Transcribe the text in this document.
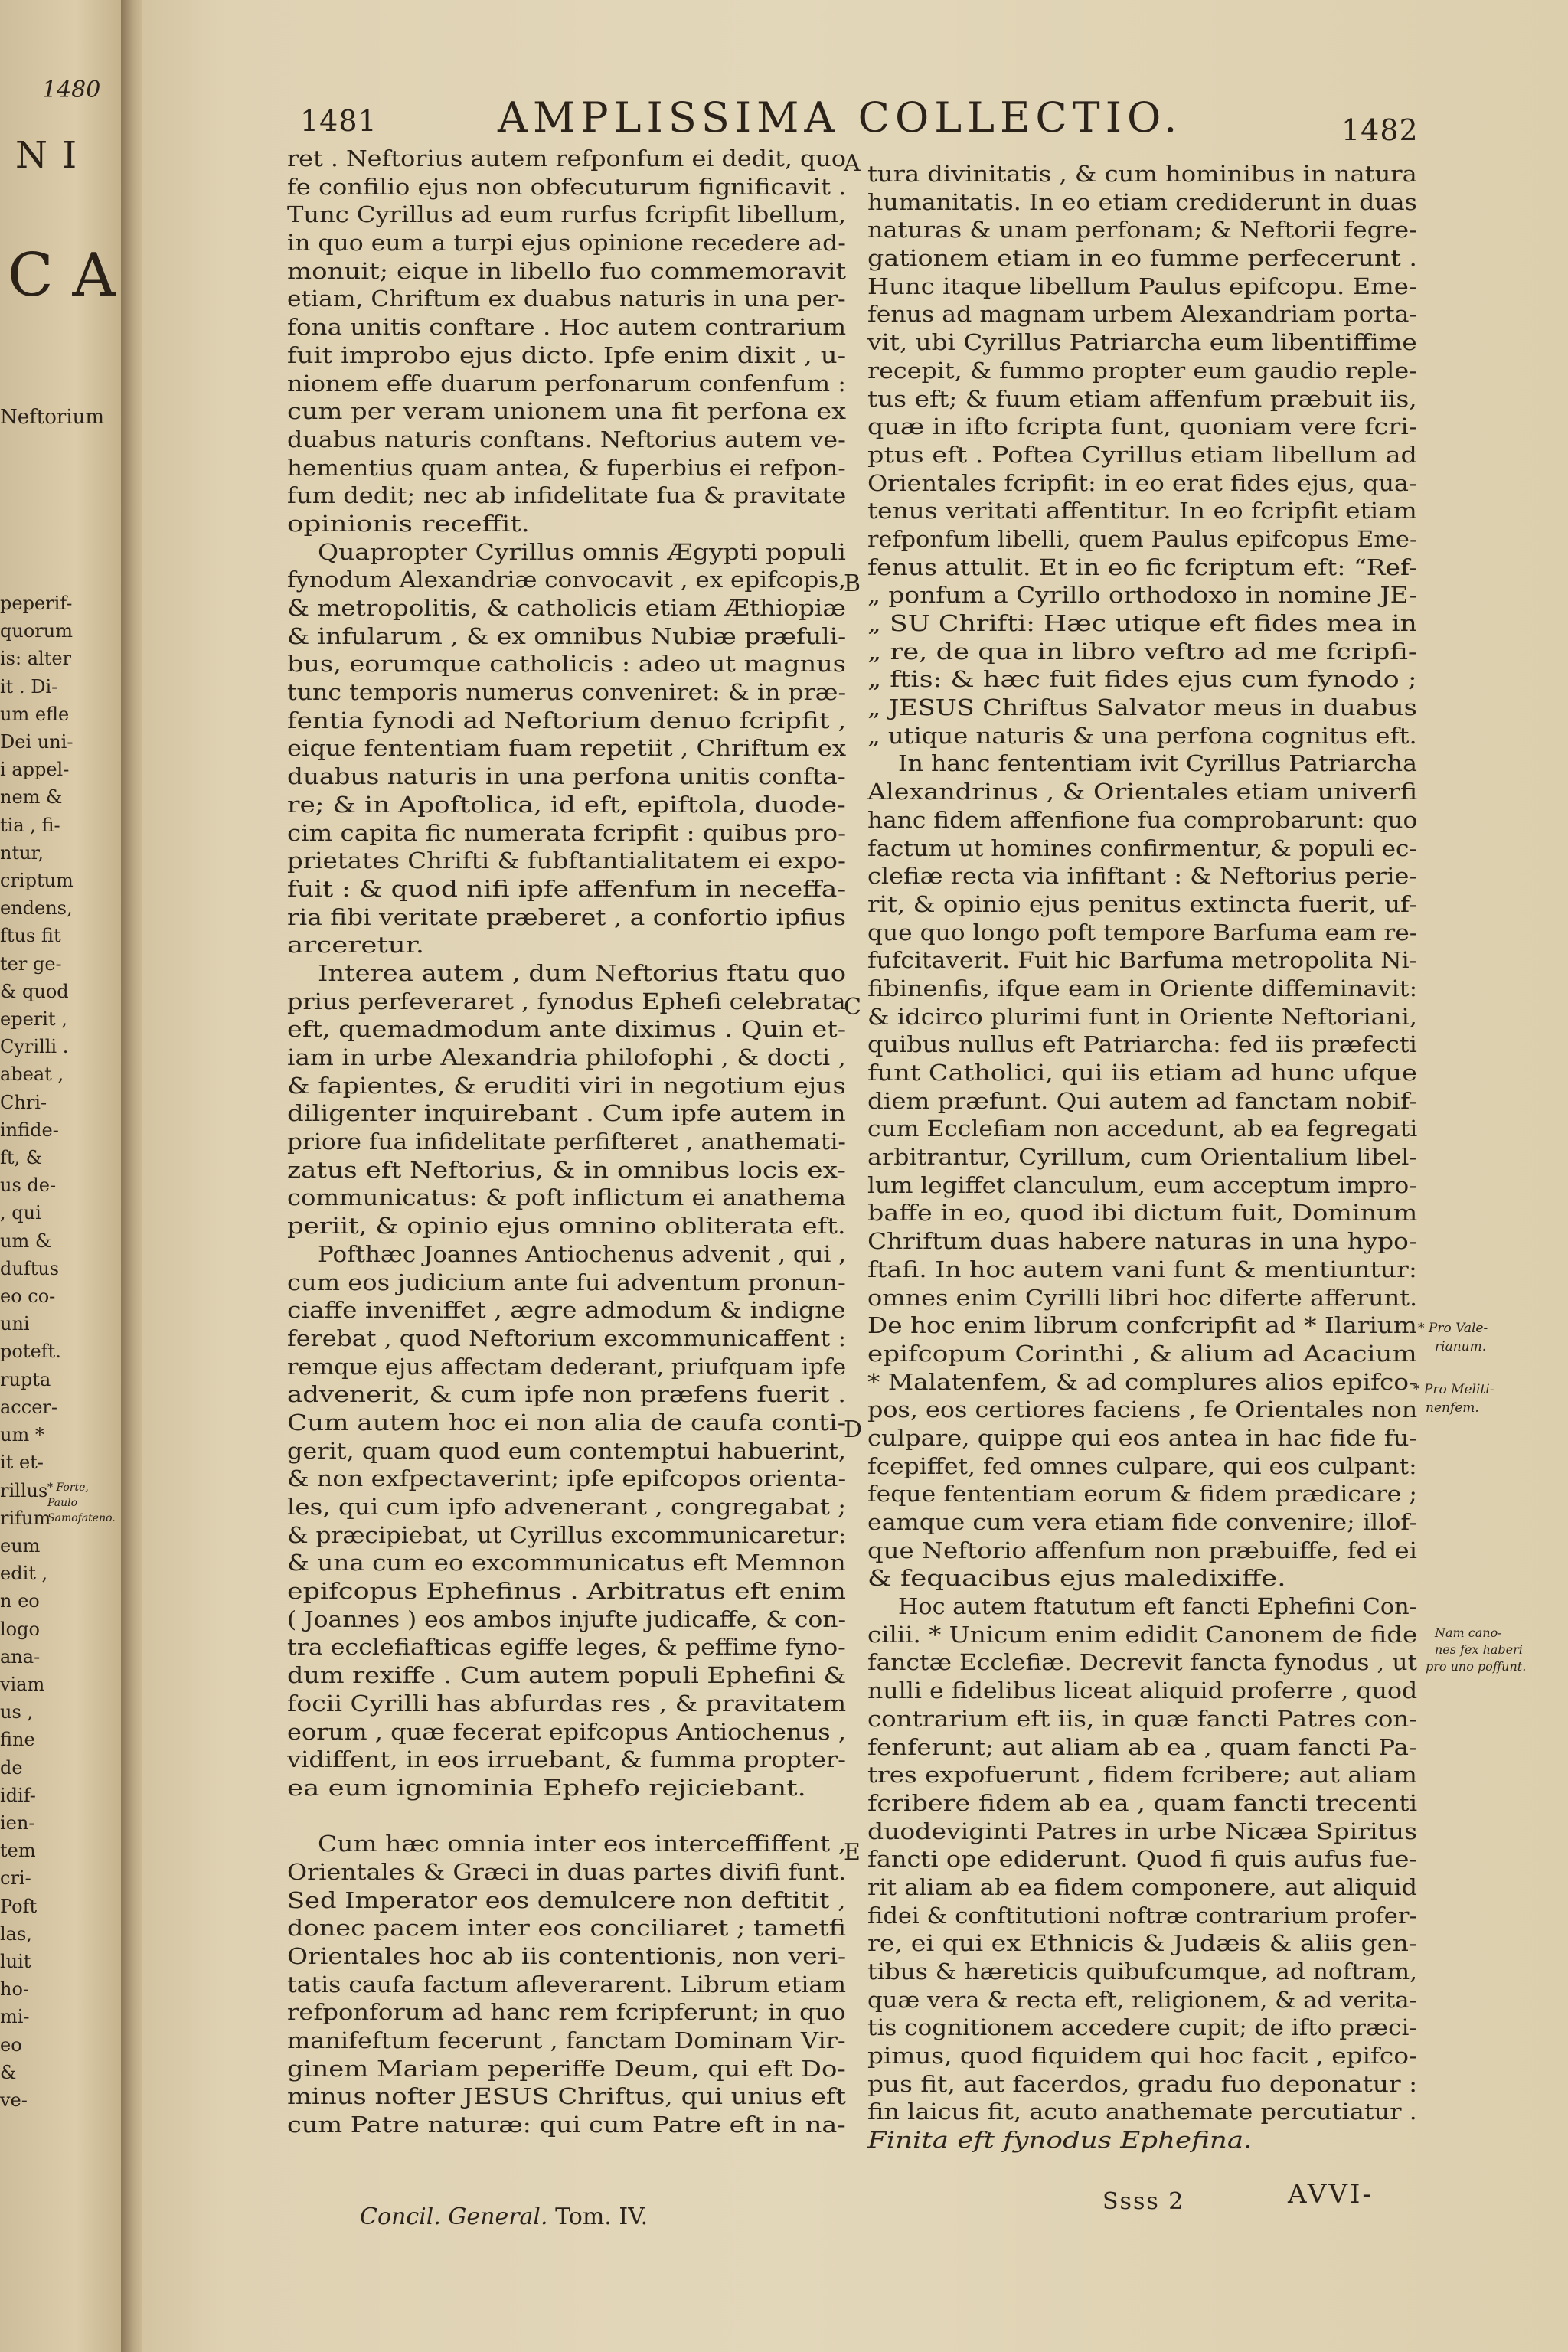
1480
N I
C A
Neftorium
peperif-
quorum
is: alter
it . Di-
um efle
Dei uni-
i appel-
nem &
tia , fi-
ntur,
criptum
endens,
ftus fit
ter ge-
& quod
eperit ,
Cyrilli .
abeat ,
Chri-
infide-
ft, &
us de-
, qui
um &
duftus
eo co-
uni
poteft.
rupta
accer-
um *
it et-
rillus
rifum
eum
edit ,
n eo
logo
ana-
viam
us ,
fine
de
idif-
ien-
tem
cri-
Poft
las,
luit
ho-
mi-
eo
&
ve-
* Forte, Paulo Samofateno.
1481	AMPLISSIMA COLLECTIO.	1482
ret . Neftorius autem refponfum ei dedit, quo
fe confilio ejus non obfecuturum fignificavit .
Tunc Cyrillus ad eum rurfus fcripfit libellum,
in quo eum a turpi ejus opinione recedere ad-
monuit; eique in libello fuo commemoravit
etiam, Chriftum ex duabus naturis in una per-
fona unitis conftare . Hoc autem contrarium
fuit improbo ejus dicto. Ipfe enim dixit , u-
nionem effe duarum perfonarum confenfum :
cum per veram unionem una fit perfona ex
duabus naturis conftans. Neftorius autem ve-
hementius quam antea, & fuperbius ei refpon-
fum dedit; nec ab infidelitate fua & pravitate
opinionis receffit.
Quapropter Cyrillus omnis Ægypti populi
fynodum Alexandriæ convocavit , ex epifcopis,
& metropolitis, & catholicis etiam Æthiopiæ
& infularum , & ex omnibus Nubiæ præfuli-
bus, eorumque catholicis : adeo ut magnus
tunc temporis numerus conveniret: & in præ-
fentia fynodi ad Neftorium denuo fcripfit ,
eique fententiam fuam repetiit , Chriftum ex
duabus naturis in una perfona unitis confta-
re; & in Apoftolica, id eft, epiftola, duode-
cim capita fic numerata fcripfit : quibus pro-
prietates Chrifti & fubftantialitatem ei expo-
fuit : & quod nifi ipfe affenfum in neceffa-
ria fibi veritate præberet , a confortio ipfius
arceretur.
Interea autem , dum Neftorius ftatu quo
prius perfeveraret , fynodus Ephefi celebrata
eft, quemadmodum ante diximus . Quin et-
iam in urbe Alexandria philofophi , & docti ,
& fapientes, & eruditi viri in negotium ejus
diligenter inquirebant . Cum ipfe autem in
priore fua infidelitate perfifteret , anathemati-
zatus eft Neftorius, & in omnibus locis ex-
communicatus: & poft inflictum ei anathema
periit, & opinio ejus omnino obliterata eft.
Pofthæc Joannes Antiochenus advenit , qui ,
cum eos judicium ante fui adventum pronun-
ciaffe inveniffet , ægre admodum & indigne
ferebat , quod Neftorium excommunicaffent :
remque ejus affectam dederant, priufquam ipfe
advenerit, & cum ipfe non præfens fuerit .
Cum autem hoc ei non alia de caufa conti-
gerit, quam quod eum contemptui habuerint,
& non exfpectaverint; ipfe epifcopos orienta-
les, qui cum ipfo advenerant , congregabat ;
& præcipiebat, ut Cyrillus excommunicaretur:
& una cum eo excommunicatus eft Memnon
epifcopus Ephefinus . Arbitratus eft enim
( Joannes ) eos ambos injufte judicaffe, & con-
tra ecclefiafticas egiffe leges, & peffime fyno-
dum rexiffe . Cum autem populi Ephefini &
focii Cyrilli has abfurdas res , & pravitatem
eorum , quæ fecerat epifcopus Antiochenus ,
vidiffent, in eos irruebant, & fumma propter-
ea eum ignominia Ephefo rejiciebant.
Cum hæc omnia inter eos interceffiffent ,
Orientales & Græci in duas partes divifi funt.
Sed Imperator eos demulcere non deftitit ,
donec pacem inter eos conciliaret ; tametfi
Orientales hoc ab iis contentionis, non veri-
tatis caufa factum afleverarent. Librum etiam
refponforum ad hanc rem fcripferunt; in quo
manifeftum fecerunt , fanctam Dominam Vir-
ginem Mariam peperiffe Deum, qui eft Do-
minus nofter JESUS Chriftus, qui unius eft
cum Patre naturæ: qui cum Patre eft in na-
tura divinitatis , & cum hominibus in natura
humanitatis. In eo etiam crediderunt in duas
naturas & unam perfonam; & Neftorii fegre-
gationem etiam in eo fumme perfecerunt .
Hunc itaque libellum Paulus epifcopu. Eme-
fenus ad magnam urbem Alexandriam porta-
vit, ubi Cyrillus Patriarcha eum libentiffime
recepit, & fummo propter eum gaudio reple-
tus eft; & fuum etiam affenfum præbuit iis,
quæ in ifto fcripta funt, quoniam vere fcri-
ptus eft . Poftea Cyrillus etiam libellum ad
Orientales fcripfit: in eo erat fides ejus, qua-
tenus veritati affentitur. In eo fcripfit etiam
refponfum libelli, quem Paulus epifcopus Eme-
fenus attulit. Et in eo fic fcriptum eft: “Ref-
„ ponfum a Cyrillo orthodoxo in nomine JE-
„ SU Chrifti: Hæc utique eft fides mea in
„ re, de qua in libro veftro ad me fcripfi-
„ ftis: & hæc fuit fides ejus cum fynodo ;
„ JESUS Chriftus Salvator meus in duabus
„ utique naturis & una perfona cognitus eft.
In hanc fententiam ivit Cyrillus Patriarcha
Alexandrinus , & Orientales etiam univerfi
hanc fidem affenfione fua comprobarunt: quo
factum ut homines confirmentur, & populi ec-
clefiæ recta via infiftant : & Neftorius perie-
rit, & opinio ejus penitus extincta fuerit, uf-
que quo longo poft tempore Barfuma eam re-
fufcitaverit. Fuit hic Barfuma metropolita Ni-
fibinenfis, ifque eam in Oriente diffeminavit:
& idcirco plurimi funt in Oriente Neftoriani,
quibus nullus eft Patriarcha: fed iis præfecti
funt Catholici, qui iis etiam ad hunc ufque
diem præfunt. Qui autem ad fanctam nobif-
cum Ecclefiam non accedunt, ab ea fegregati
arbitrantur, Cyrillum, cum Orientalium libel-
lum legiffet clanculum, eum acceptum impro-
baffe in eo, quod ibi dictum fuit, Dominum
Chriftum duas habere naturas in una hypo-
ftafi. In hoc autem vani funt & mentiuntur:
omnes enim Cyrilli libri hoc diferte afferunt.
De hoc enim librum confcripfit ad * Ilarium
epifcopum Corinthi , & alium ad Acacium
* Malatenfem, & ad complures alios epifco-
pos, eos certiores faciens , fe Orientales non
culpare, quippe qui eos antea in hac fide fu-
fcepiffet, fed omnes culpare, qui eos culpant:
feque fententiam eorum & fidem prædicare ;
eamque cum vera etiam fide convenire; illof-
que Neftorio affenfum non præbuiffe, fed ei
& fequacibus ejus maledixiffe.
Hoc autem ftatutum eft fancti Ephefini Con-
cilii. * Unicum enim edidit Canonem de fide
fanctæ Ecclefiæ. Decrevit fancta fynodus , ut
nulli e fidelibus liceat aliquid proferre , quod
contrarium eft iis, in quæ fancti Patres con-
fenferunt; aut aliam ab ea , quam fancti Pa-
tres expofuerunt , fidem fcribere; aut aliam
fcribere fidem ab ea , quam fancti trecenti
duodeviginti Patres in urbe Nicæa Spiritus
fancti ope ediderunt. Quod fi quis aufus fue-
rit aliam ab ea fidem componere, aut aliquid
fidei & conftitutioni noftræ contrarium profer-
re, ei qui ex Ethnicis & Judæis & aliis gen-
tibus & hæreticis quibufcumque, ad noftram,
quæ vera & recta eft, religionem, & ad verita-
tis cognitionem accedere cupit; de ifto præci-
pimus, quod fiquidem qui hoc facit , epifco-
pus fit, aut facerdos, gradu fuo deponatur :
fin laicus fit, acuto anathemate percutiatur .
Finita eft fynodus Ephefina.
A
B
C
D
E
* Pro Vale-
rianum.
* Pro Meliti-
nenfem.
Nam cano-
nes fex haberi
pro uno poffunt.
Concil. General. Tom. IV.
Ssss 2	AVVI-
